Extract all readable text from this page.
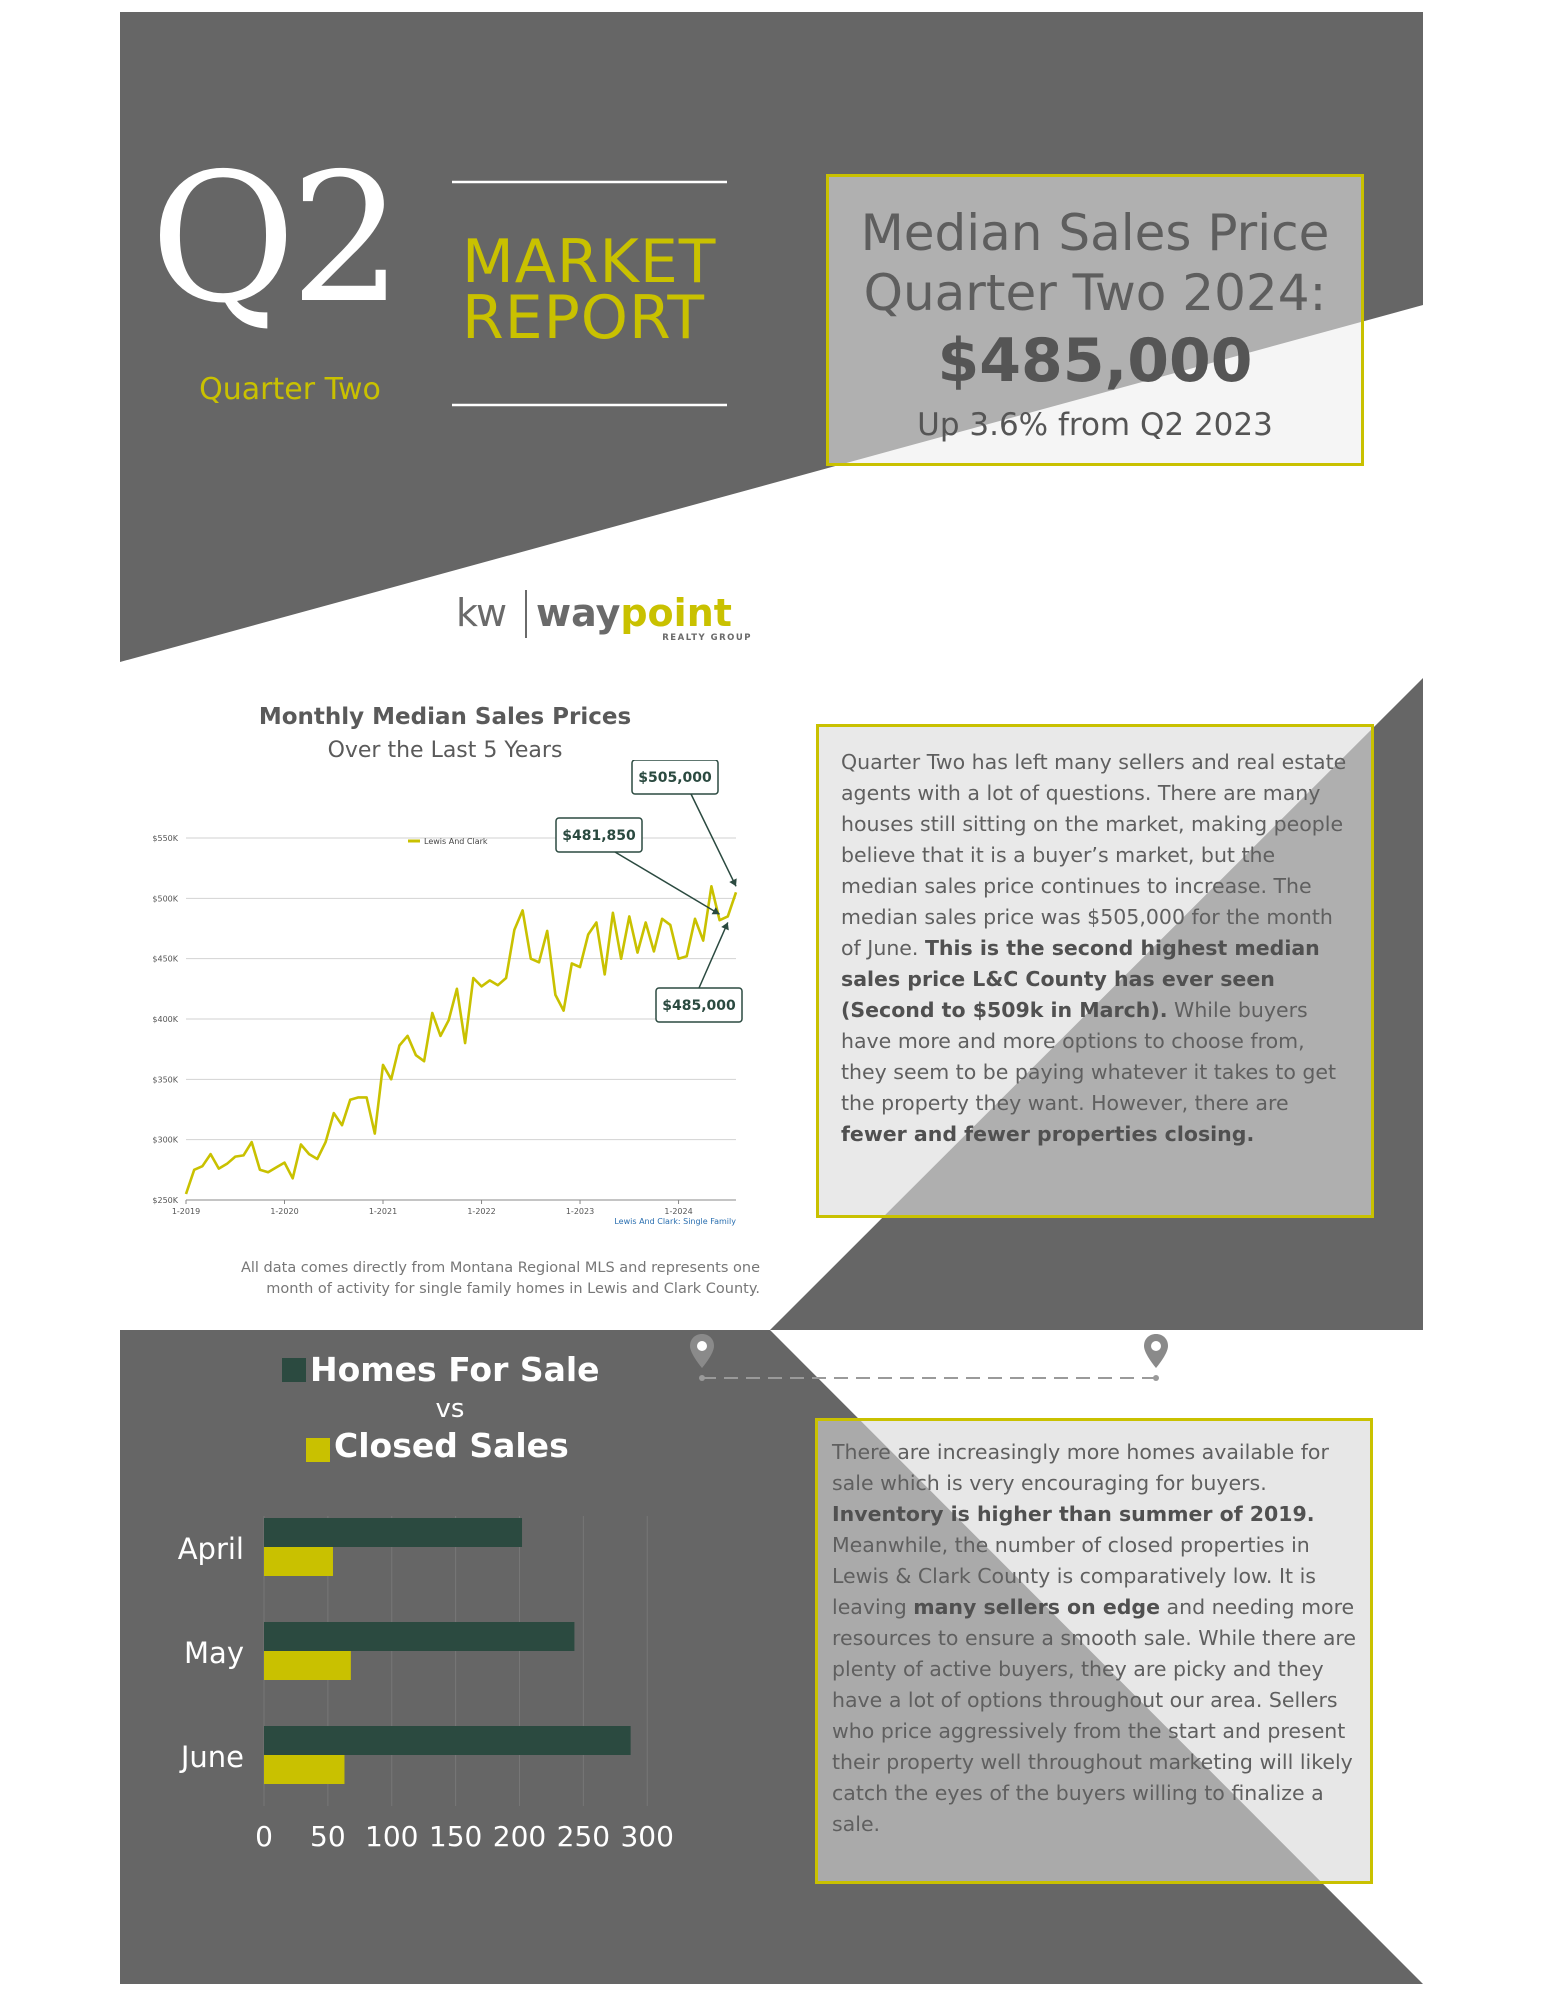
Q2
Quarter Two
MARKET
REPORT
Median Sales Price
Quarter Two 2024:
$485,000
Up 3.6% from Q2 2023
kw waypoint
REALTY GROUP
Monthly Median Sales Prices
Over the Last 5 Years
$250K
$300K
$350K
$400K
$450K
$500K
$550K
1-2019	1-2020	1-2021	1-2022	1-2023	1-2024
Lewis And Clark: Single Family
Lewis And Clark
$505,000
$481,850
$485,000
All data comes directly from Montana Regional MLS and represents one
month of activity for single family homes in Lewis and Clark County.
Quarter Two has left many sellers and real estate agents with a lot of questions. There are many houses still sitting on the market, making people believe that it is a buyer’s market, but the median sales price continues to increase. The median sales price was $505,000 for the month of June. This is the second highest median sales price L&C County has ever seen (Second to $509k in March). While buyers have more and more options to choose from, they seem to be paying whatever it takes to get the property they want. However, there are fewer and fewer properties closing.
Homes For Sale
vs
Closed Sales
0 50 100 150 200 250 300
April
May
June
There are increasingly more homes available for sale which is very encouraging for buyers. Inventory is higher than summer of 2019. Meanwhile, the number of closed properties in Lewis & Clark County is comparatively low. It is leaving many sellers on edge and needing more resources to ensure a smooth sale. While there are plenty of active buyers, they are picky and they have a lot of options throughout our area. Sellers who price aggressively from the start and present their property well throughout marketing will likely catch the eyes of the buyers willing to finalize a sale.
